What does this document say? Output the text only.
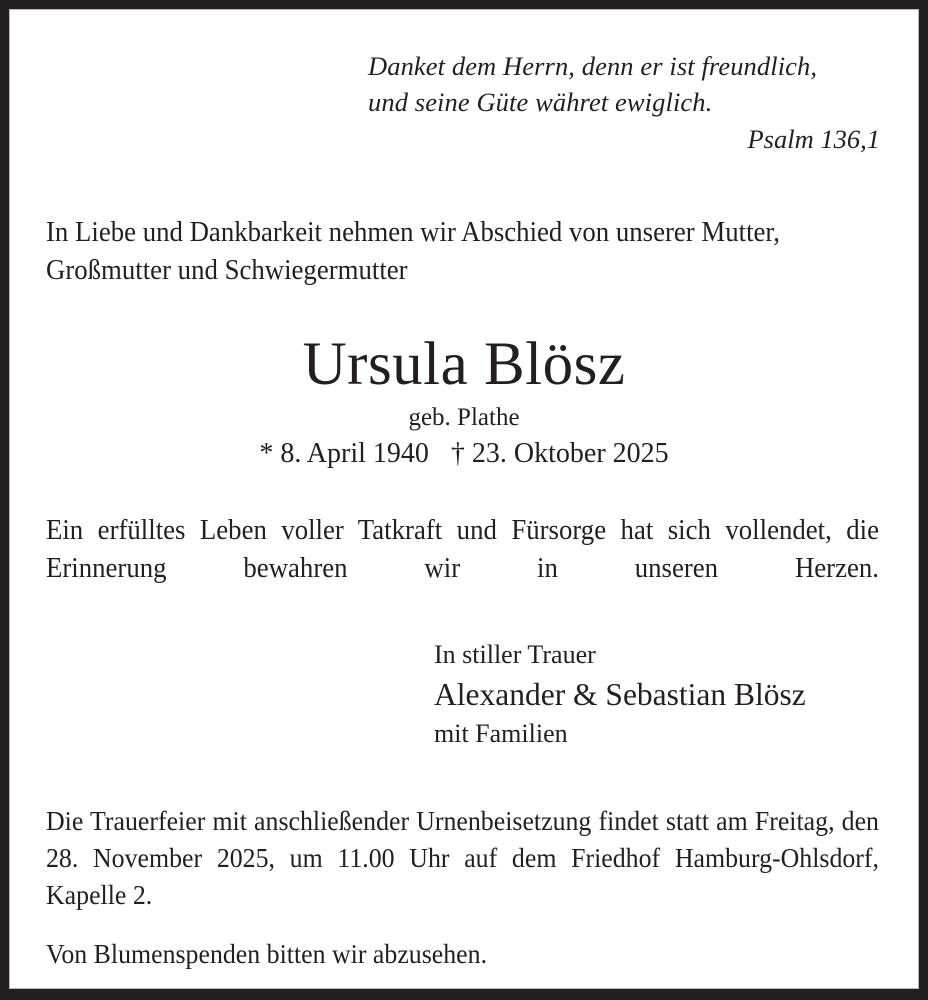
Danket dem Herrn, denn er ist freundlich,
und seine Güte währet ewiglich.
Psalm 136,1

In Liebe und Dankbarkeit nehmen wir Abschied von unserer Mutter, Großmutter und Schwiegermutter

Ursula Blösz
geb. Plathe
* 8. April 1940 † 23. Oktober 2025

Ein erfülltes Leben voller Tatkraft und Fürsorge hat sich vollendet, die Erinnerung bewahren wir in unseren Herzen.

In stiller Trauer
Alexander & Sebastian Blösz
mit Familien

Die Trauerfeier mit anschließender Urnenbeisetzung findet statt am Freitag, den 28. November 2025, um 11.00 Uhr auf dem Friedhof Hamburg-Ohlsdorf, Kapelle 2.

Von Blumenspenden bitten wir abzusehen.
